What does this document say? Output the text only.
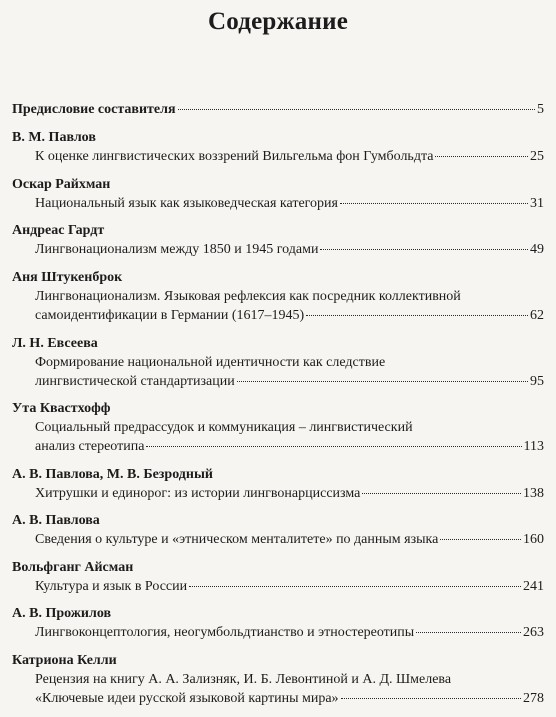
Содержание
Предисловие составителя	5
В. М. Павлов
К оценке лингвистических воззрений Вильгельма фон Гумбольдта	25
Оскар Райхман
Национальный язык как языковедческая категория	31
Андреас Гардт
Лингвонационализм между 1850 и 1945 годами	49
Аня Штукенброк
Лингвонационализм. Языковая рефлексия как посредник коллективной
самоидентификации в Германии (1617–1945)	62
Л. Н. Евсеева
Формирование национальной идентичности как следствие
лингвистической стандартизации	95
Ута Квастхофф
Социальный предрассудок и коммуникация – лингвистический
анализ стереотипа	113
А. В. Павлова, М. В. Безродный
Хитрушки и единорог: из истории лингвонарциссизма	138
А. В. Павлова
Сведения о культуре и «этническом менталитете» по данным языка	160
Вольфганг Айсман
Культура и язык в России	241
А. В. Прожилов
Лингвоконцептология, неогумбольдтианство и этностереотипы	263
Катриона Келли
Рецензия на книгу А. А. Зализняк, И. Б. Левонтиной и А. Д. Шмелева
«Ключевые идеи русской языковой картины мира»	278
